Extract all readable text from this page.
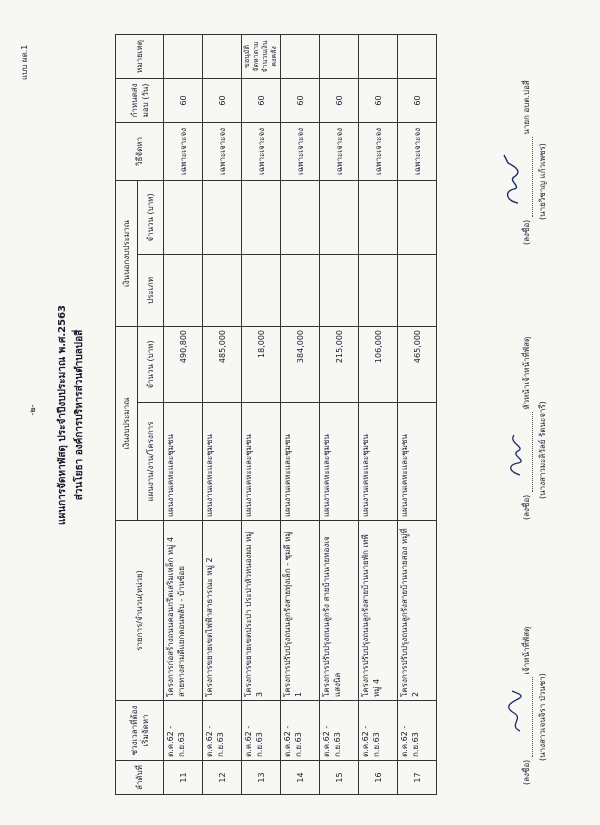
แบบ ผด.1
-๒- แผนการจัดหาพัสดุ ประจำปีงบประมาณ พ.ศ.2563 ส่วนโยธา องค์การบริหารส่วนตำบลบ่อสี่
ลำดับที่	ช่วงเวลาที่ต้องเริ่มจัดหา	รายการ/จำนวน(หน่วย)	เงินงบประมาณ		เงินนอกงบประมาณ		วิธีจัดหา	กำหนดส่งมอบ (วัน)	หมายเหตุ
			แผนงาน/งาน/โครงการ	จำนวน (บาท)	ประเภท	จำนวน (บาท)			
11	ต.ค.62 - ก.ย.63	โครงการก่อสร้างถนนคอนกรีตเสริมเหล็ก หมู่ 4 สายทางสามดีแยกดอนพลับ - บ้านซ้อย	แผนงานเคหะและชุมชน	490,800			เฉพาะเจาะจง	60	
12	ต.ค.62 - ก.ย.63	โครงการขยายเขตไฟฟ้าสาธารณะ หมู่ 2	แผนงานเคหะและชุมชน	485,000			เฉพาะเจาะจง	60	
13	ต.ค.62 - ก.ย.63	โครงการขยายเขตประปา ประปาหัวหนองผม หมู่ 3	แผนงานเคหะและชุมชน	18,000			เฉพาะเจาะจง	60	ขอนุมัติจัดหาตามจำนวนเงินคงคลัง
14	ต.ค.62 - ก.ย.63	โครงการปรับปรุงถนนลูกรังสายทุ่งเล็ก - ชุมดี หมู่ 1	แผนงานเคหะและชุมชน	384,000			เฉพาะเจาะจง	60	
15	ต.ค.62 - ก.ย.63	โครงการปรับปรุงถนนลูกรัง สายบ้านนายทองเจ แสงนิล	แผนงานเคหะและชุมชน	215,000			เฉพาะเจาะจง	60	
16	ต.ค.62 - ก.ย.63	โครงการปรับปรุงถนนลูกรังสายบ้านนายพัก เทพี หมู่ 4	แผนงานเคหะและชุมชน	106,000			เฉพาะเจาะจง	60	
17	ต.ค.62 - ก.ย.63	โครงการปรับปรุงถนนลูกรังสายบ้านนายสอง หมู่ที่ 2	แผนงานเคหะและชุมชน	465,000			เฉพาะเจาะจง	60	
(ลงชื่อ)  เจ้าหน้าที่พัสดุ
(นางสาวเจนจิรา ป่วนชา)
(ลงชื่อ)  หัวหน้าเจ้าหน้าที่พัสดุ
(นางสาวมะลิวัลย์ รัตนะจารี)
(ลงชื่อ)  นายก อบต.บ่อสี่
(นายวิชาญ แก้วเพชร)
